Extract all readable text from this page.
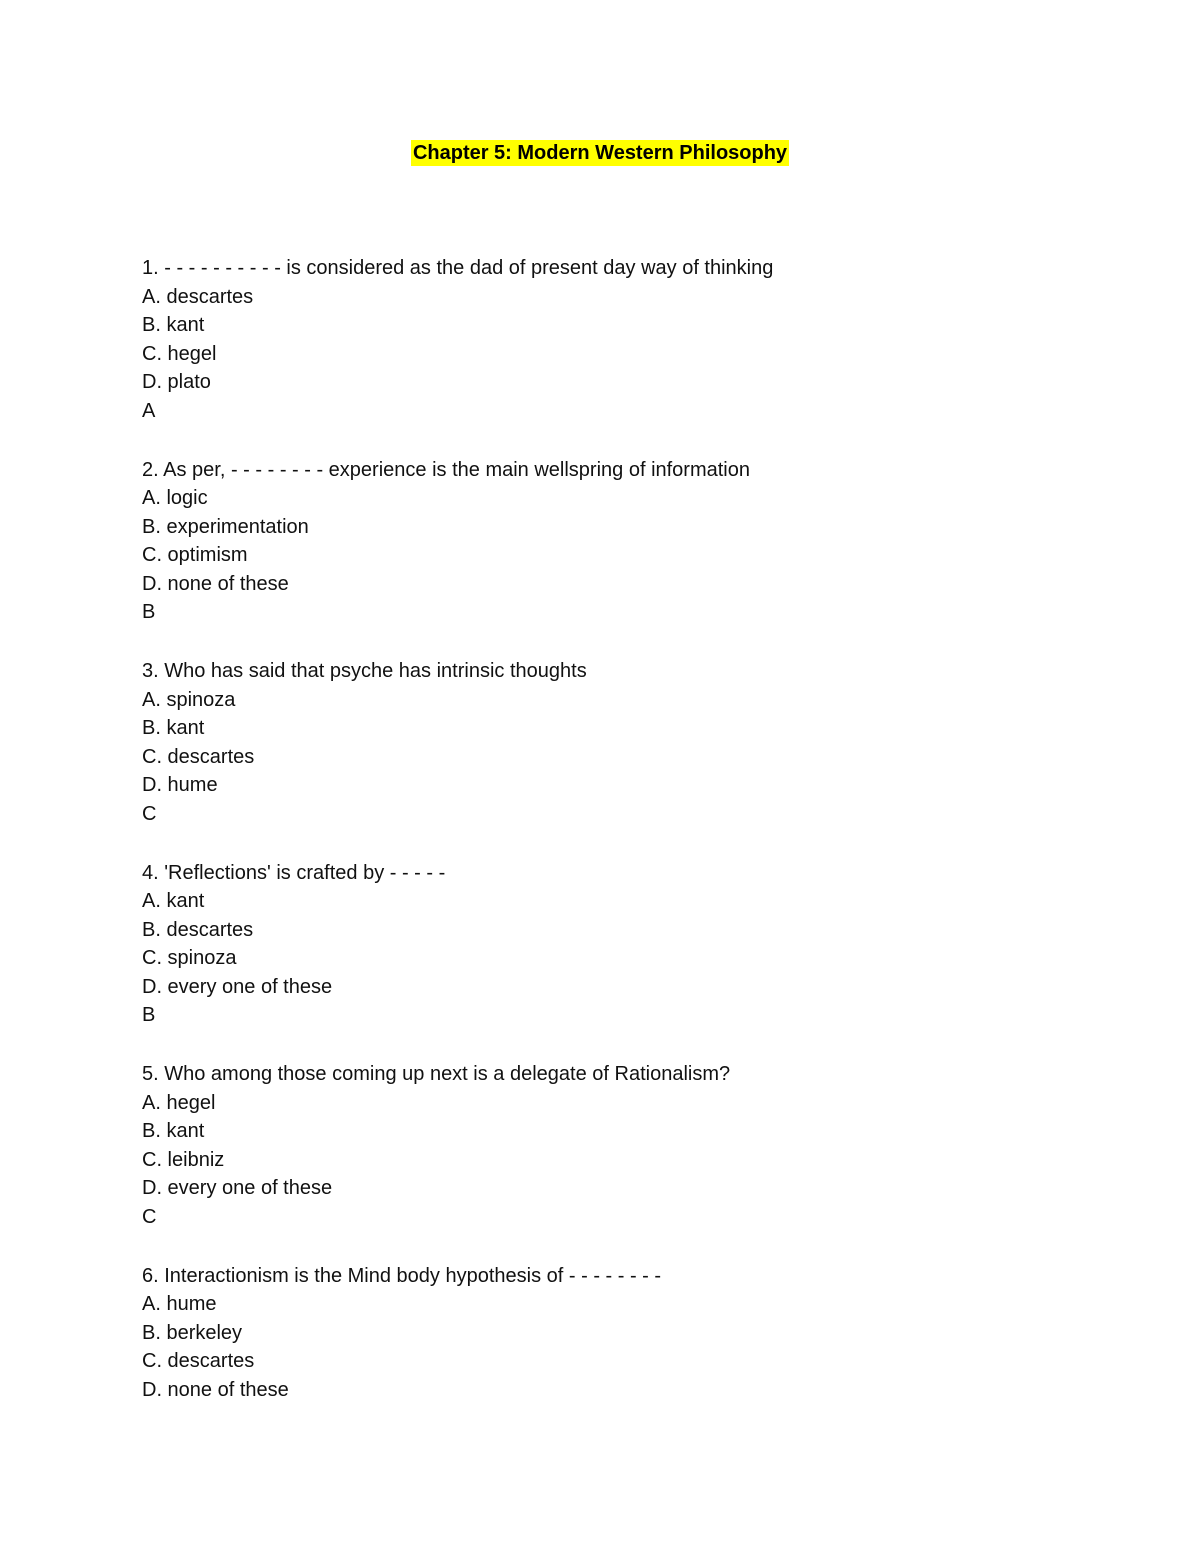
Chapter 5: Modern Western Philosophy
1. - - - - - - - - - - is considered as the dad of present day way of thinking
A. descartes
B. kant
C. hegel
D. plato
A
2. As per, - - - - - - - - experience is the main wellspring of information
A. logic
B. experimentation
C. optimism
D. none of these
B
3. Who has said that psyche has intrinsic thoughts
A. spinoza
B. kant
C. descartes
D. hume
C
4. 'Reflections' is crafted by - - - - -
A. kant
B. descartes
C. spinoza
D. every one of these
B
5. Who among those coming up next is a delegate of Rationalism?
A. hegel
B. kant
C. leibniz
D. every one of these
C
6. Interactionism is the Mind body hypothesis of - - - - - - - -
A. hume
B. berkeley
C. descartes
D. none of these
